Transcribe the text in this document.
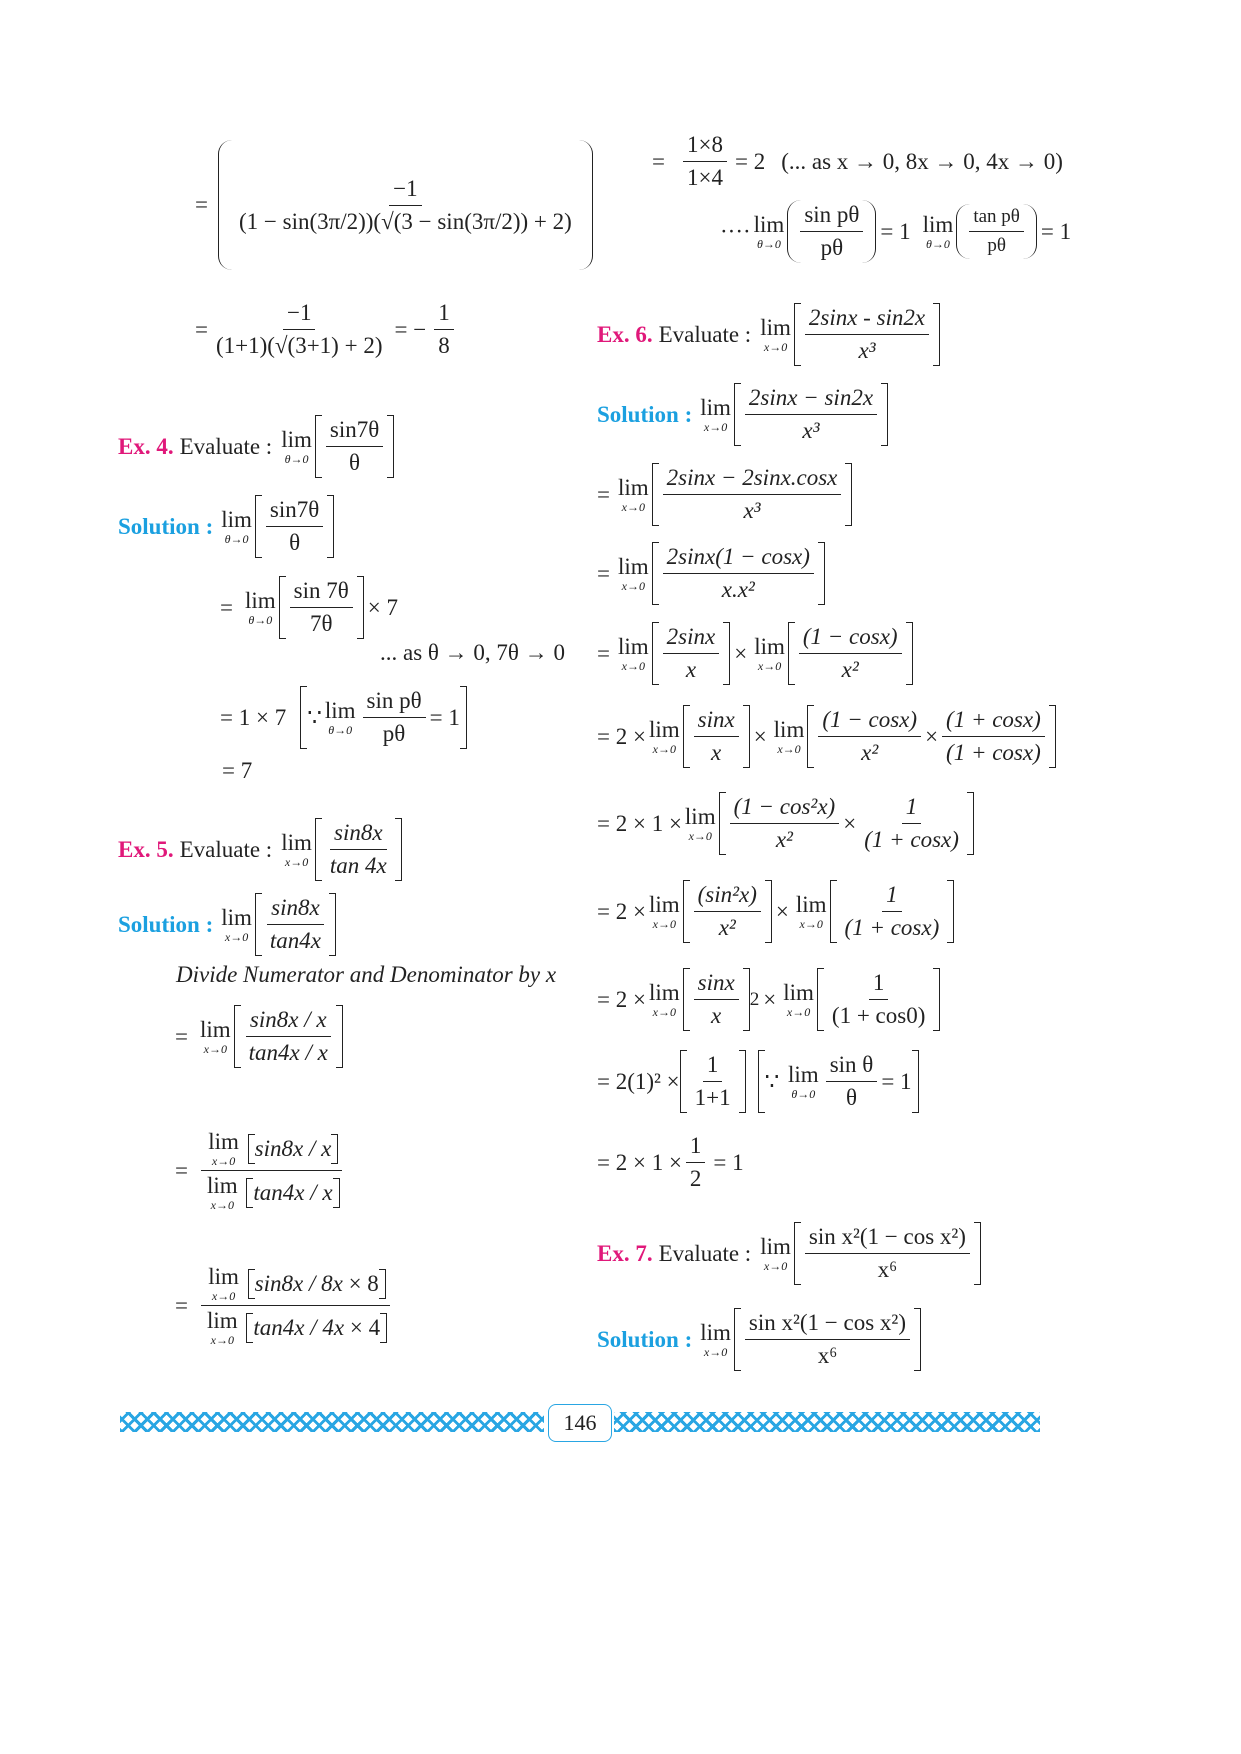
= $\frac{-1}{(1 - \sin(3\pi/2))(√(3 - \sin(3\pi/2)) + 2)}$
= $\frac{-1}{(1+1)(√(3+1) + 2)}$ = − $\frac{1}{8}$
Ex. 4. Evaluate : lim
$\theta\to 0 \frac{\sin 7\theta}{\theta}$
Solution : lim
$\theta\to 0 \frac{\sin 7\theta}{\theta}$
= lim
$\theta\to 0 \frac{\sin 7\theta}{7\theta} \times 7$
... as θ → 0, 7θ → 0
= 1 × 7 ∵ lim
$\theta\to 0 \frac{\text{sin pθ}}{p\theta} = 1$
= 7
Ex. 5. Evaluate : lim
$x\to 0 \frac{\sin 8x}{\tan 4x}$
Solution : lim
$x\to 0 \frac{\sin 8x}{\tan 4x}$
Divide Numerator and Denominator by x
= lim
$x\to 0 \frac{\sin 8x / x}{\tan 4x / x}$
= lim
x→0
sin8x / x
lim
x→0
tan4x / x
= lim
x→0

sin8x / 8x × 8
lim
x→0

tan4x / 4x × 4
= $\frac{1\times 8}{1\times 4} = 2$ (... as x → 0, 8x → 0, 4x → 0)
···· lim
$\theta\to 0 \frac{\text{sin pθ}}{p\theta} = 1$ lim
$\theta\to 0 \frac{\text{tan pθ}}{p\theta} = 1$
Ex. 6. Evaluate : lim
$x\to 0 \frac{2\sin x - \sin 2x}{\text{x³}}$
Solution : lim
$x\to 0 \frac{2\sin x - \sin 2x}{\text{x³}}$
= lim
$x\to 0 \frac{2\sin x - 2\sin x.\cos x}{\text{x³}}$
= lim
$x\to 0 \frac{2\sin x(1 - \cos x)}{\text{x.x²}}$
= lim
$x\to 0 \frac{2\sin x}{x} \times \lim$
$x\to 0 \frac{(1 - \cos x)}{\text{x²}}$
= 2 × lim
$x\to 0 \frac{\sin x}{x} \times \lim$
$x\to 0 \frac{(1 - \cos x)}{\text{x²}} \times \frac{(1 + \cos x)}{(1 + \cos x)}$
= 2 × 1 × lim
$x\to 0 \frac{\text{(1 − cos²x)}}{\text{x²}} \times \frac{1}{(1 + \cos x)}$
= 2 × lim
$x\to 0 \frac{\text{(sin²x)}}{\text{x²}} \times \lim$
$x\to 0 \frac{1}{(1 + \cos x)}$
= 2 × lim
$x\to 0 \frac{\sin x}{x} 2 \times \lim$
$x\to 0 \frac{1}{(1 + \cos 0)}$
= $2(1)^2 \times \frac{1}{1+1}$	∵ lim
$\theta\to 0 \frac{\text{sin θ}}{\theta} = 1$
= $2 \times 1 \times \frac{1}{2} = 1$
Ex. 7. Evaluate : lim
$x\to 0 \frac{\text{sin x²(1 − cos x²)}}{\text{x⁶}}$
Solution : lim
$x\to 0 \frac{\text{sin x²(1 − cos x²)}}{\text{x⁶}}$
146
